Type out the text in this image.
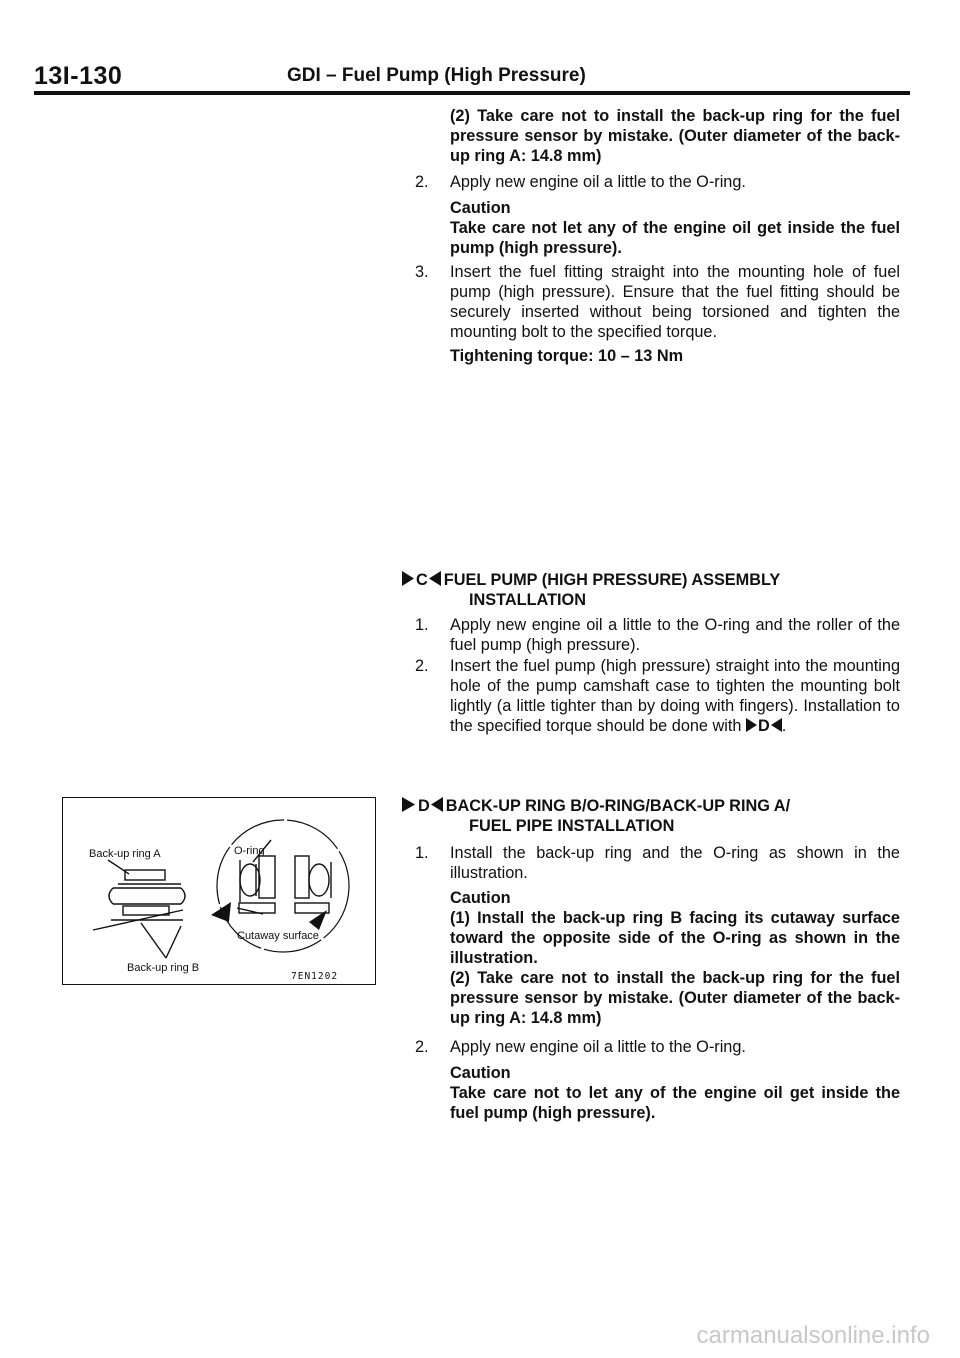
13I-130	GDI – Fuel Pump (High Pressure)
(2) Take care not to install the back-up ring for the fuel pressure sensor by mistake. (Outer diameter of the back-up ring A: 14.8 mm)
2. Apply new engine oil a little to the O-ring.
Caution
Take care not let any of the engine oil get inside the fuel pump (high pressure).
3. Insert the fuel fitting straight into the mounting hole of fuel pump (high pressure). Ensure that the fuel fitting should be securely inserted without being torsioned and tighten the mounting bolt to the specified torque.
Tightening torque: 10 – 13 Nm
C FUEL PUMP (HIGH PRESSURE) ASSEMBLY
INSTALLATION
1. Apply new engine oil a little to the O-ring and the roller of the fuel pump (high pressure).
2. Insert the fuel pump (high pressure) straight into the mounting hole of the pump camshaft case to tighten the mounting bolt lightly (a little tighter than by doing with fingers). Installation to the specified torque should be done with D .
D BACK-UP RING B/O-RING/BACK-UP RING A/
FUEL PIPE INSTALLATION
1. Install the back-up ring and the O-ring as shown in the illustration.
Caution
(1) Install the back-up ring B facing its cutaway surface toward the opposite side of the O-ring as shown in the illustration.
(2) Take care not to install the back-up ring for the fuel pressure sensor by mistake. (Outer diameter of the back-up ring A: 14.8 mm)
2. Apply new engine oil a little to the O-ring.
Caution
Take care not to let any of the engine oil get inside the fuel pump (high pressure).
Back-up ring A	O-ring
Cutaway surface
Back-up ring B
7EN1202
carmanualsonline.info
